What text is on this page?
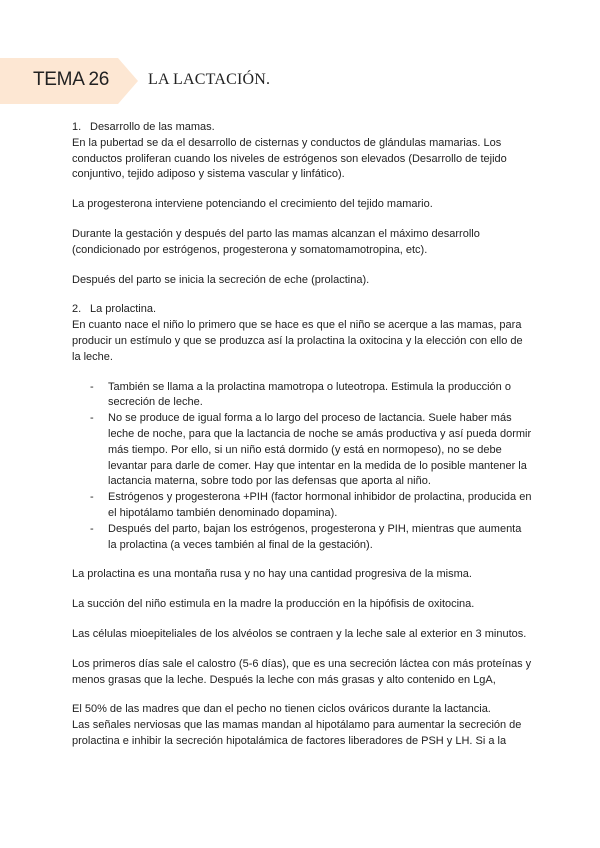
TEMA 26 LA LACTACIÓN.

1. Desarrollo de las mamas.

En la pubertad se da el desarrollo de cisternas y conductos de glándulas mamarias. Los conductos proliferan cuando los niveles de estrógenos son elevados (Desarrollo de tejido conjuntivo, tejido adiposo y sistema vascular y linfático).

La progesterona interviene potenciando el crecimiento del tejido mamario.

Durante la gestación y después del parto las mamas alcanzan el máximo desarrollo (condicionado por estrógenos, progesterona y somatomamotropina, etc).

Después del parto se inicia la secreción de eche (prolactina).

2. La prolactina.

En cuanto nace el niño lo primero que se hace es que el niño se acerque a las mamas, para producir un estímulo y que se produzca así la prolactina la oxitocina y la elección con ello de la leche.

- También se llama a la prolactina mamotropa o luteotropa. Estimula la producción o secreción de leche.
- No se produce de igual forma a lo largo del proceso de lactancia. Suele haber más leche de noche, para que la lactancia de noche se amás productiva y así pueda dormir más tiempo. Por ello, si un niño está dormido (y está en normopeso), no se debe levantar para darle de comer. Hay que intentar en la medida de lo posible mantener la lactancia materna, sobre todo por las defensas que aporta al niño.
- Estrógenos y progesterona +PIH (factor hormonal inhibidor de prolactina, producida en el hipotálamo también denominado dopamina).
- Después del parto, bajan los estrógenos, progesterona y PIH, mientras que aumenta la prolactina (a veces también al final de la gestación).

La prolactina es una montaña rusa y no hay una cantidad progresiva de la misma.

La succión del niño estimula en la madre la producción en la hipófisis de oxitocina.

Las células mioepiteliales de los alvéolos se contraen y la leche sale al exterior en 3 minutos.

Los primeros días sale el calostro (5-6 días), que es una secreción láctea con más proteínas y menos grasas que la leche. Después la leche con más grasas y alto contenido en LgA,

El 50% de las madres que dan el pecho no tienen ciclos ováricos durante la lactancia.

Las señales nerviosas que las mamas mandan al hipotálamo para aumentar la secreción de prolactina e inhibir la secreción hipotalámica de factores liberadores de PSH y LH. Si a la
